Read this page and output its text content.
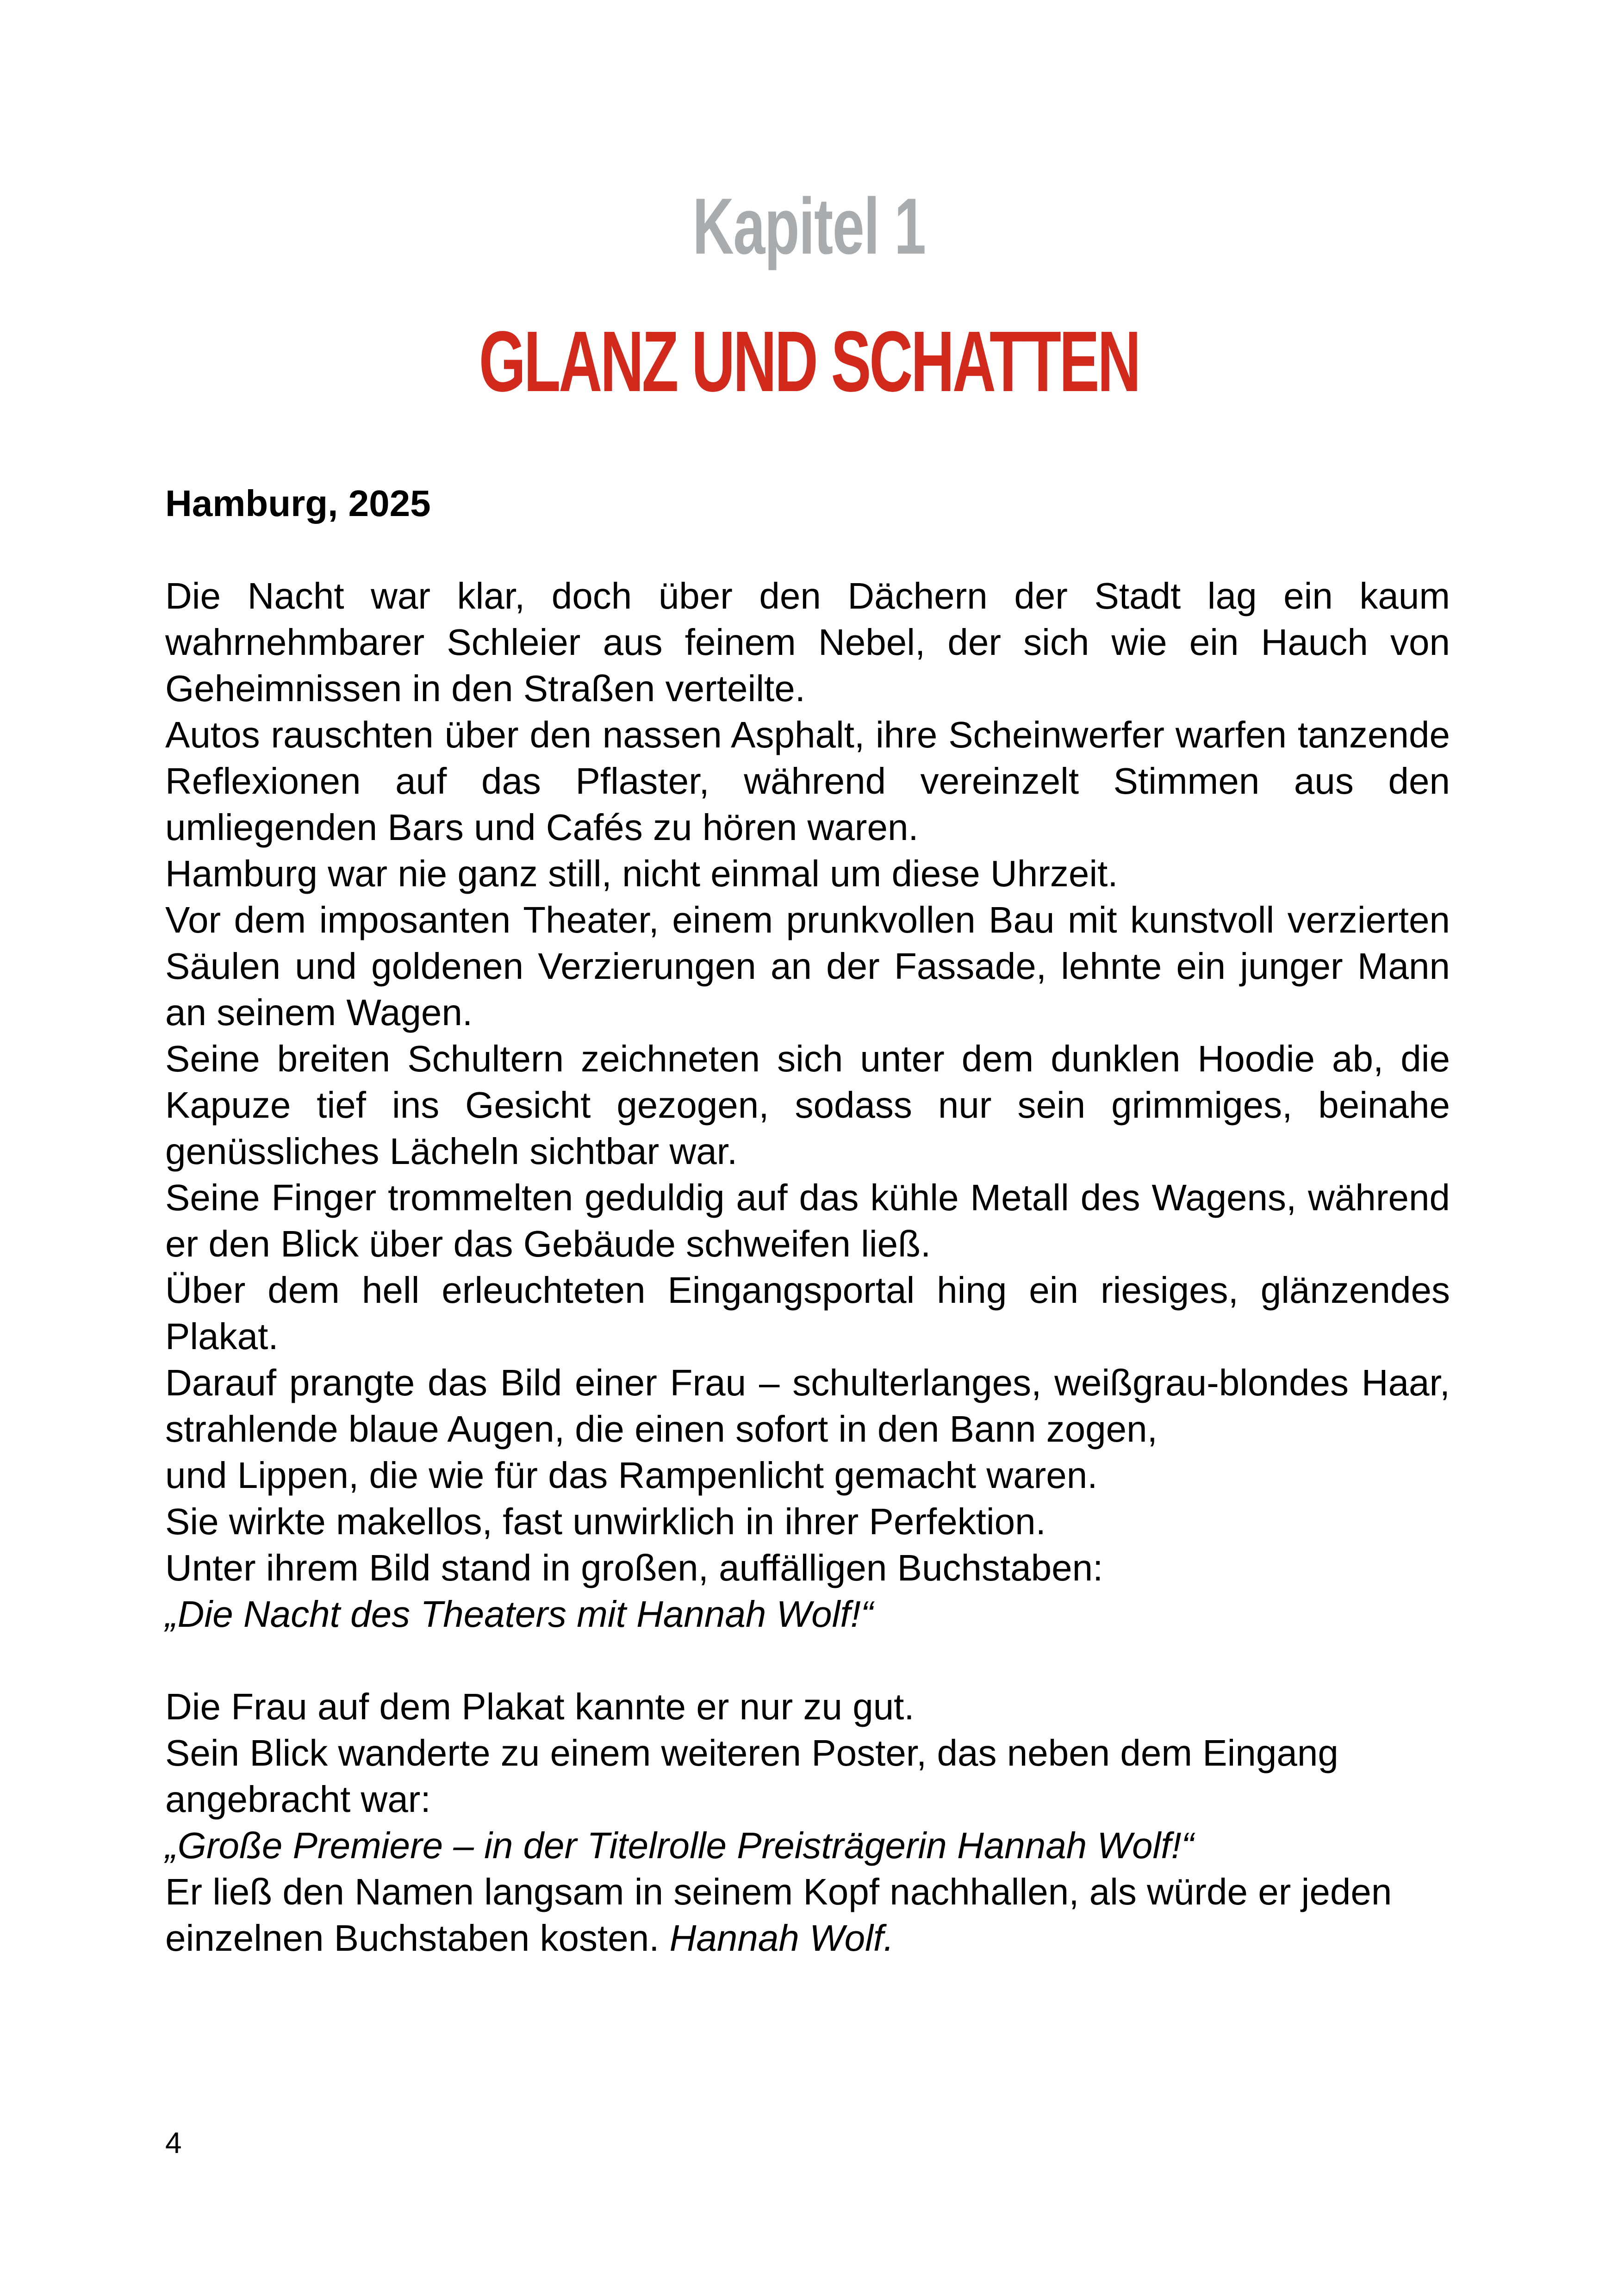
Kapitel 1
GLANZ UND SCHATTEN

Hamburg, 2025

Die Nacht war klar, doch über den Dächern der Stadt lag ein kaum wahrnehmbarer Schleier aus feinem Nebel, der sich wie ein Hauch von Geheimnissen in den Straßen verteilte.

Autos rauschten über den nassen Asphalt, ihre Scheinwerfer warfen tanzende Reflexionen auf das Pflaster, während vereinzelt Stimmen aus den umliegenden Bars und Cafés zu hören waren.

Hamburg war nie ganz still, nicht einmal um diese Uhrzeit.

Vor dem imposanten Theater, einem prunkvollen Bau mit kunstvoll verzierten Säulen und goldenen Verzierungen an der Fassade, lehnte ein junger Mann an seinem Wagen.

Seine breiten Schultern zeichneten sich unter dem dunklen Hoodie ab, die Kapuze tief ins Gesicht gezogen, sodass nur sein grimmiges, beinahe genüssliches Lächeln sichtbar war.

Seine Finger trommelten geduldig auf das kühle Metall des Wagens, während er den Blick über das Gebäude schweifen ließ.

Über dem hell erleuchteten Eingangsportal hing ein riesiges, glänzendes Plakat.

Darauf prangte das Bild einer Frau – schulterlanges, weißgrau-blondes Haar, strahlende blaue Augen, die einen sofort in den Bann zogen,

und Lippen, die wie für das Rampenlicht gemacht waren.

Sie wirkte makellos, fast unwirklich in ihrer Perfektion.

Unter ihrem Bild stand in großen, auffälligen Buchstaben:

„Die Nacht des Theaters mit Hannah Wolf!“

Die Frau auf dem Plakat kannte er nur zu gut.

Sein Blick wanderte zu einem weiteren Poster, das neben dem Eingang angebracht war:

„Große Premiere – in der Titelrolle Preisträgerin Hannah Wolf!“

Er ließ den Namen langsam in seinem Kopf nachhallen, als würde er jeden einzelnen Buchstaben kosten. Hannah Wolf.

4
